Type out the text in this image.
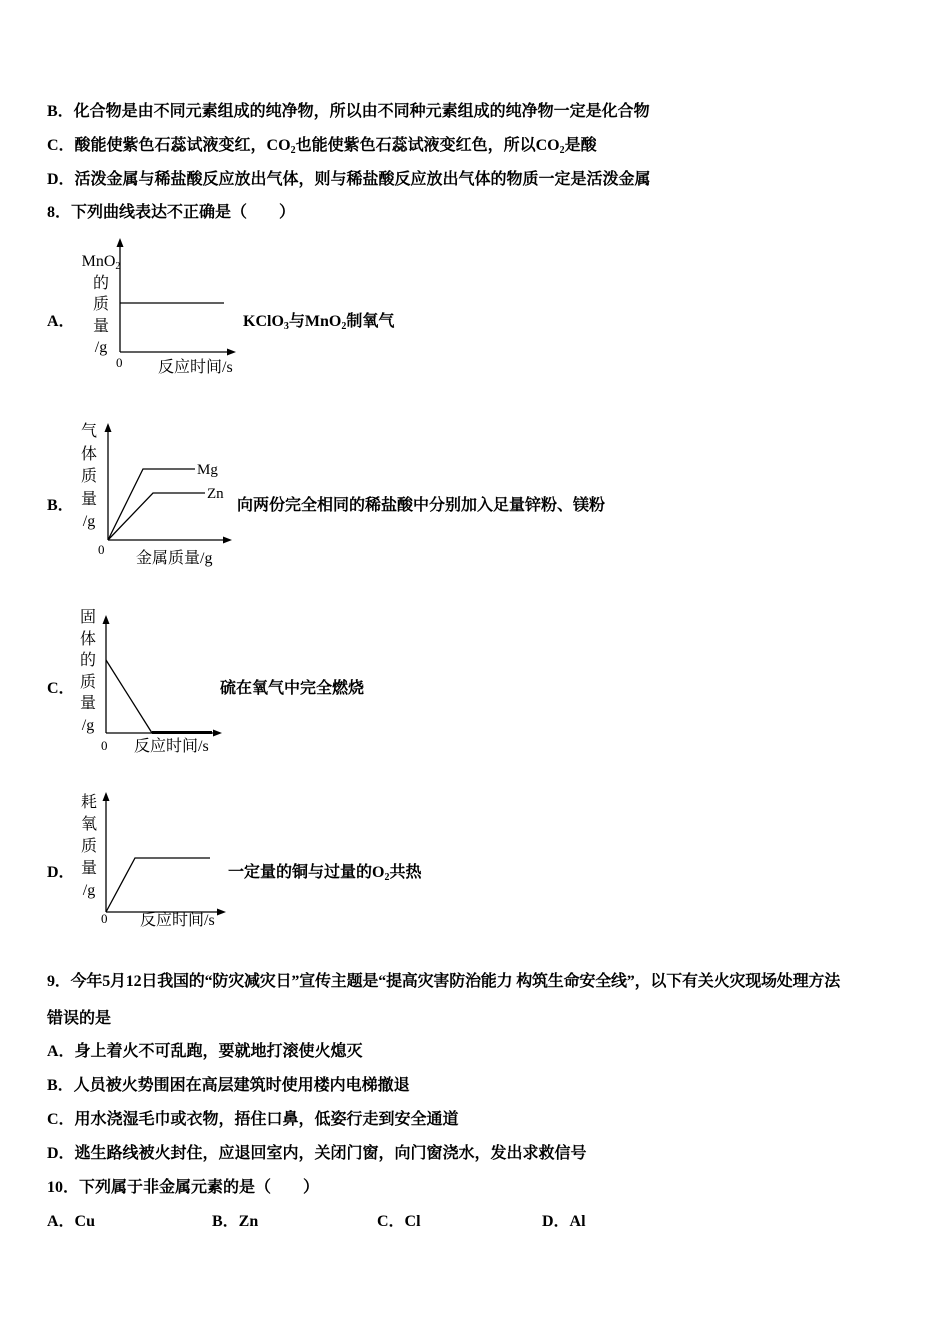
B．化合物是由不同元素组成的纯净物，所以由不同种元素组成的纯净物一定是化合物
C．酸能使紫色石蕊试液变红，$CO_2$也能使紫色石蕊试液变红色，所以$CO_2$是酸
D．活泼金属与稀盐酸反应放出气体，则与稀盐酸反应放出气体的物质一定是活泼金属
8．下列曲线表达不正确是（　　）
A．
MnO$_2$
的
质
量
/g
0 反应时间/s
KClO$_3$与MnO$_2$制氧气
B．
Mg
Zn
气
体
质
量
/g
0
金属质量/g
向两份完全相同的稀盐酸中分别加入足量锌粉、镁粉
C．
固
体
的
质
量
/g
0 反应时间/s
硫在氧气中完全燃烧
D．
耗
氧
质
量
/g
0 反应时间/s
一定量的铜与过量的$O_2$共热
9．今年5月12日我国的“防灾减灾日”宣传主题是“提高灾害防治能力 构筑生命安全线”，以下有关火灾现场处理方法
错误的是
A．身上着火不可乱跑，要就地打滚使火熄灭
B．人员被火势围困在高层建筑时使用楼内电梯撤退
C．用水浇湿毛巾或衣物，捂住口鼻，低姿行走到安全通道
D．逃生路线被火封住，应退回室内，关闭门窗，向门窗浇水，发出求救信号
10．下列属于非金属元素的是（　　）
A．Cu	B．Zn	C．Cl	D．Al
